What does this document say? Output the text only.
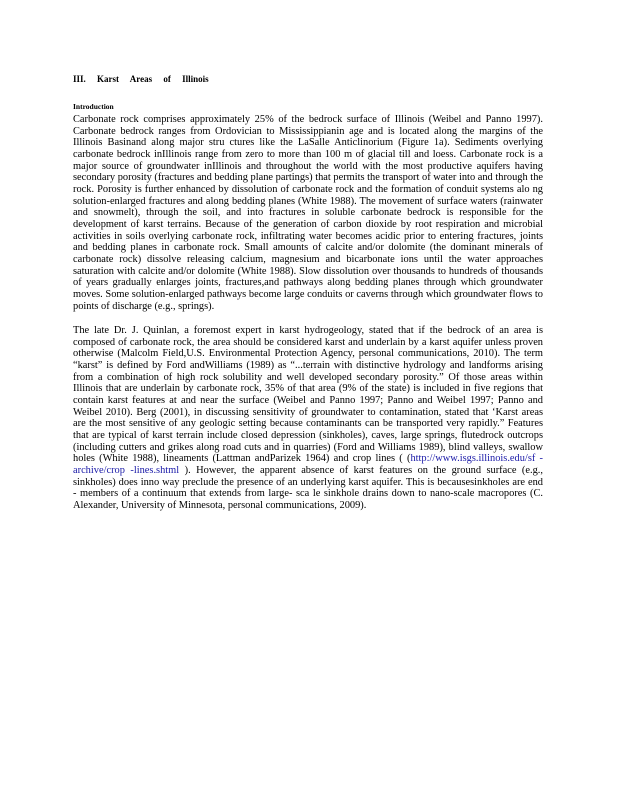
III. Karst Areas of Illinois
Introduction

Carbonate rock comprises approximately 25% of the bedrock surface of Illinois (Weibel and Panno 1997). Carbonate bedrock ranges from Ordovician to Mississippianin age and is located along the margins of the Illinois Basinand along major stru ctures like the LaSalle Anticlinorium (Figure 1a). Sediments overlying carbonate bedrock inIllinois range from zero to more than 100 m of glacial till and loess. Carbonate rock is a major source of groundwater inIllinois and throughout the world with the most productive aquifers having secondary porosity (fractures and bedding plane partings) that permits the transport of water into and through the rock. Porosity is further enhanced by dissolution of carbonate rock and the formation of conduit systems alo ng solution-enlarged fractures and along bedding planes (White 1988). The movement of surface waters (rainwater and snowmelt), through the soil, and into fractures in soluble carbonate bedrock is responsible for the development of karst terrains. Because of the generation of carbon dioxide by root respiration and microbial activities in soils overlying carbonate rock, infiltrating water becomes acidic prior to entering fractures, joints and bedding planes in carbonate rock. Small amounts of calcite and/or dolomite (the dominant minerals of carbonate rock) dissolve releasing calcium, magnesium and bicarbonate ions until the water approaches saturation with calcite and/or dolomite (White 1988). Slow dissolution over thousands to hundreds of thousands of years gradually enlarges joints, fractures,and pathways along bedding planes through which groundwater moves. Some solution-enlarged pathways become large conduits or caverns through which groundwater flows to points of discharge (e.g., springs).

The late Dr. J. Quinlan, a foremost expert in karst hydrogeology, stated that if the bedrock of an area is composed of carbonate rock, the area should be considered karst and underlain by a karst aquifer unless proven otherwise (Malcolm Field,U.S. Environmental Protection Agency, personal communications, 2010). The term “karst” is defined by Ford andWilliams (1989) as “...terrain with distinctive hydrology and landforms arising from a combination of high rock solubility and well developed secondary porosity.” Of those areas within Illinois that are underlain by carbonate rock, 35% of that area (9% of the state) is included in five regions that contain karst features at and near the surface (Weibel and Panno 1997; Panno and Weibel 1997; Panno and Weibel 2010). Berg (2001), in discussing sensitivity of groundwater to contamination, stated that ‘Karst areas are the most sensitive of any geologic setting because contaminants can be transported very rapidly.” Features that are typical of karst terrain include closed depression (sinkholes), caves, large springs, flutedrock outcrops (including cutters and grikes along road cuts and in quarries) (Ford and Williams 1989), blind valleys, swallow holes (White 1988), lineaments (Lattman andParizek 1964) and crop lines ( (http://www.isgs.illinois.edu/sf - archive/crop -lines.shtml ). However, the apparent absence of karst features on the ground surface (e.g., sinkholes) does inno way preclude the presence of an underlying karst aquifer. This is becausesinkholes are end - members of a continuum that extends from large- sca le sinkhole drains down to nano-scale macropores (C. Alexander, University of Minnesota, personal communications, 2009).
